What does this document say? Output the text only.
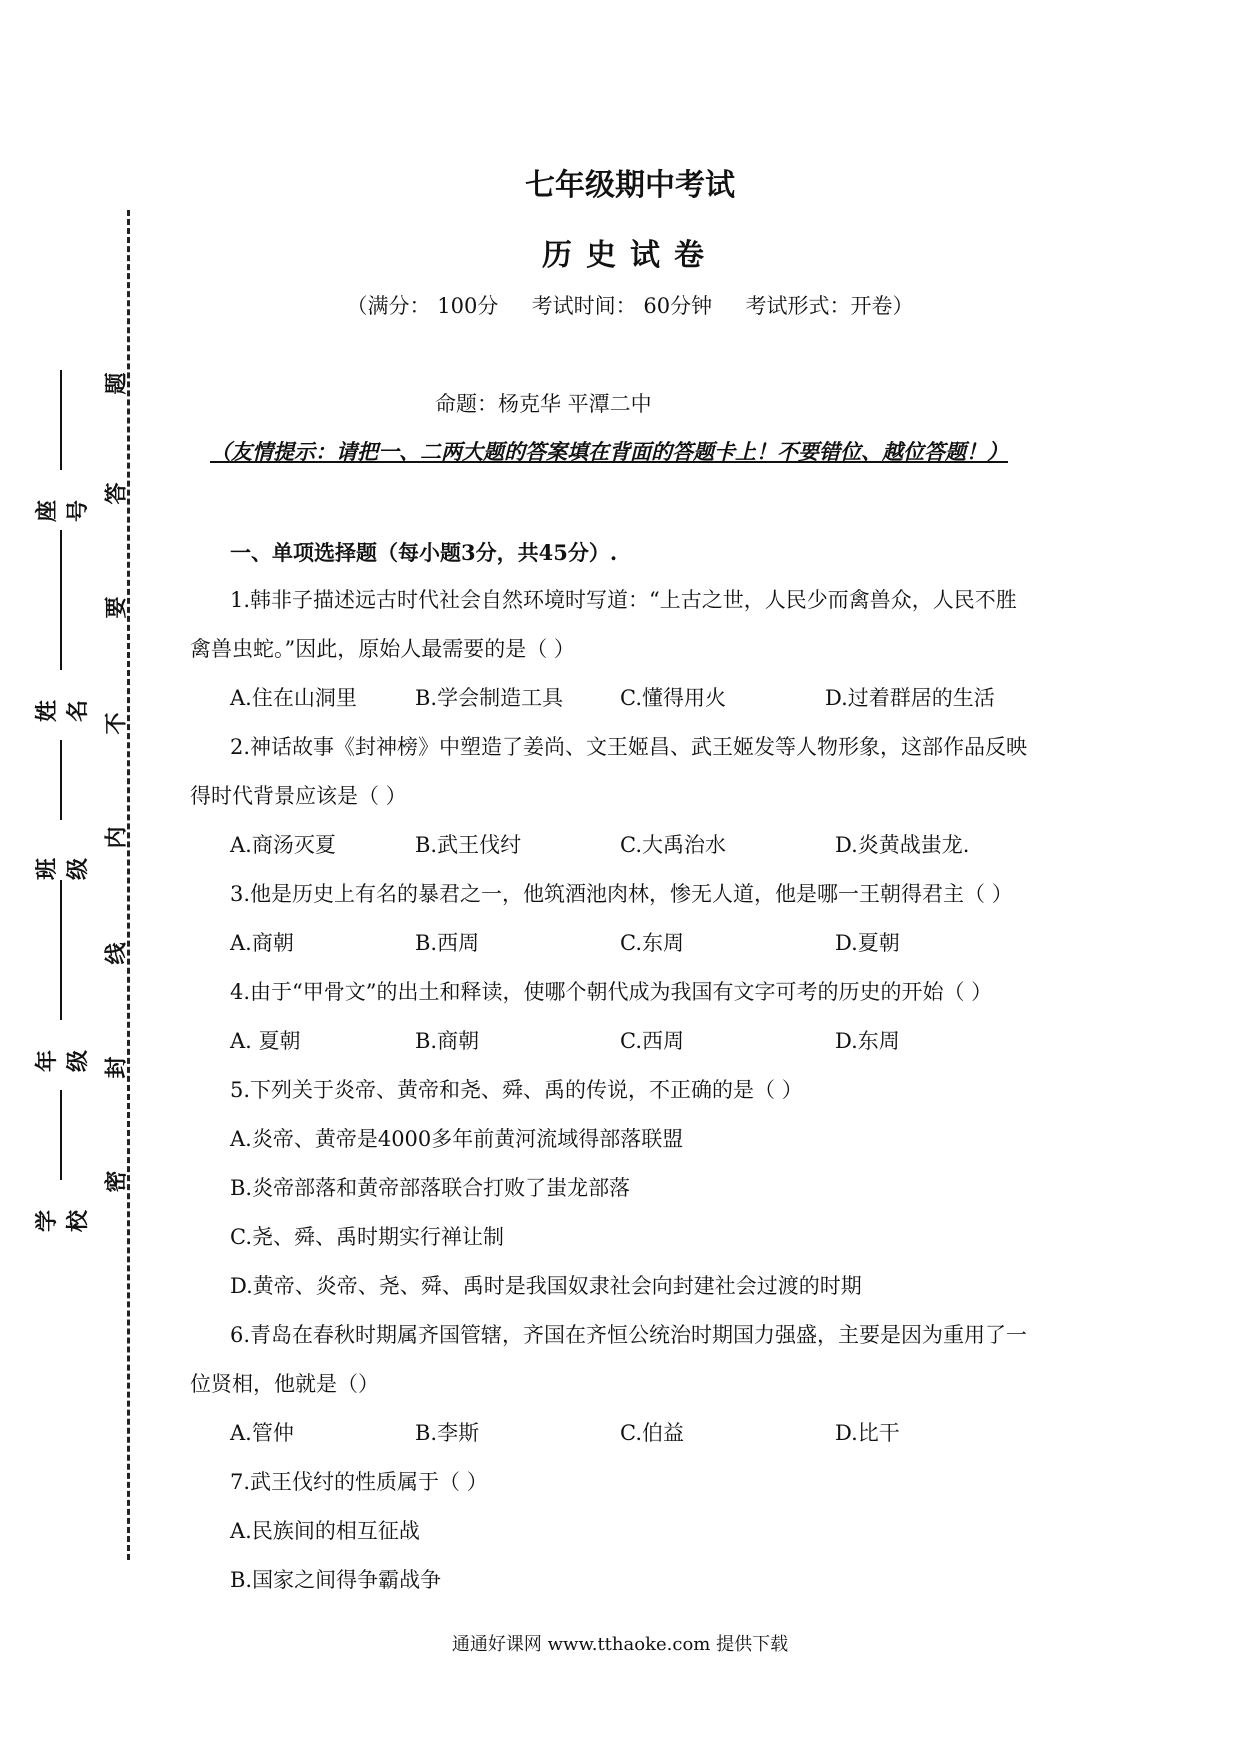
题
答
要
不
内
线
封
密
座号
姓名
班级
年级
学校
七年级期中考试
历史试卷
（满分： 100分     考试时间： 60分钟     考试形式：开卷）
命题：杨克华 平潭二中
（友情提示：请把一、二两大题的答案填在背面的答题卡上！不要错位、越位答题！）
一、单项选择题（每小题3分，共45分）.
1.韩非子描述远古时代社会自然环境时写道：“上古之世，人民少而禽兽众，人民不胜
禽兽虫蛇。”因此，原始人最需要的是（ ）
A.住在山洞里	B.学会制造工具	C.懂得用火	D.过着群居的生活
2.神话故事《封神榜》中塑造了姜尚、文王姬昌、武王姬发等人物形象，这部作品反映
得时代背景应该是（ ）
A.商汤灭夏	B.武王伐纣	C.大禹治水	D.炎黄战蚩龙.
3.他是历史上有名的暴君之一，他筑酒池肉林，惨无人道，他是哪一王朝得君主（ ）
A.商朝	B.西周	C.东周	D.夏朝
4.由于“甲骨文”的出土和释读，使哪个朝代成为我国有文字可考的历史的开始（ ）
A. 夏朝	B.商朝	C.西周	D.东周
5.下列关于炎帝、黄帝和尧、舜、禹的传说，不正确的是（ ）
A.炎帝、黄帝是4000多年前黄河流域得部落联盟
B.炎帝部落和黄帝部落联合打败了蚩龙部落
C.尧、舜、禹时期实行禅让制
D.黄帝、炎帝、尧、舜、禹时是我国奴隶社会向封建社会过渡的时期
6.青岛在春秋时期属齐国管辖，齐国在齐恒公统治时期国力强盛，主要是因为重用了一
位贤相，他就是（）
A.管仲	B.李斯	C.伯益	D.比干
7.武王伐纣的性质属于（ ）
A.民族间的相互征战
B.国家之间得争霸战争
通通好课网 www.tthaoke.com 提供下载
